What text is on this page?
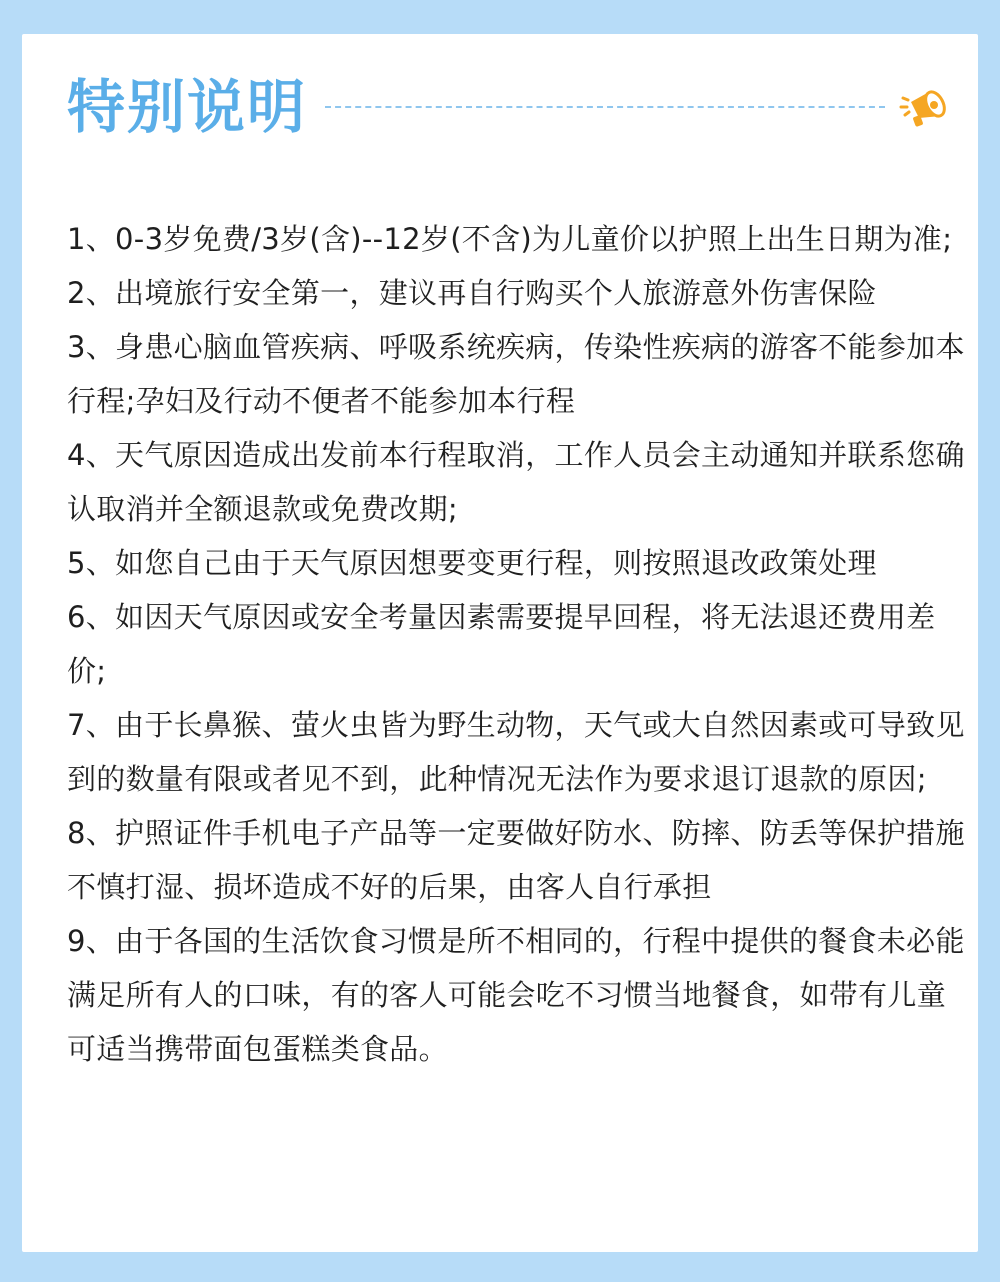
特别说明
1、0-3岁免费/3岁(含)--12岁(不含)为儿童价以护照上出生日期为准;
2、出境旅行安全第一，建议再自行购买个人旅游意外伤害保险
3、身患心脑血管疾病、呼吸系统疾病，传染性疾病的游客不能参加本行程;孕妇及行动不便者不能参加本行程
4、天气原因造成出发前本行程取消，工作人员会主动通知并联系您确认取消并全额退款或免费改期;
5、如您自己由于天气原因想要变更行程，则按照退改政策处理
6、如因天气原因或安全考量因素需要提早回程，将无法退还费用差价;
7、由于长鼻猴、萤火虫皆为野生动物，天气或大自然因素或可导致见到的数量有限或者见不到，此种情况无法作为要求退订退款的原因;
8、护照证件手机电子产品等一定要做好防水、防摔、防丢等保护措施不慎打湿、损坏造成不好的后果，由客人自行承担
9、由于各国的生活饮食习惯是所不相同的，行程中提供的餐食未必能满足所有人的口味，有的客人可能会吃不习惯当地餐食，如带有儿童可适当携带面包蛋糕类食品。
